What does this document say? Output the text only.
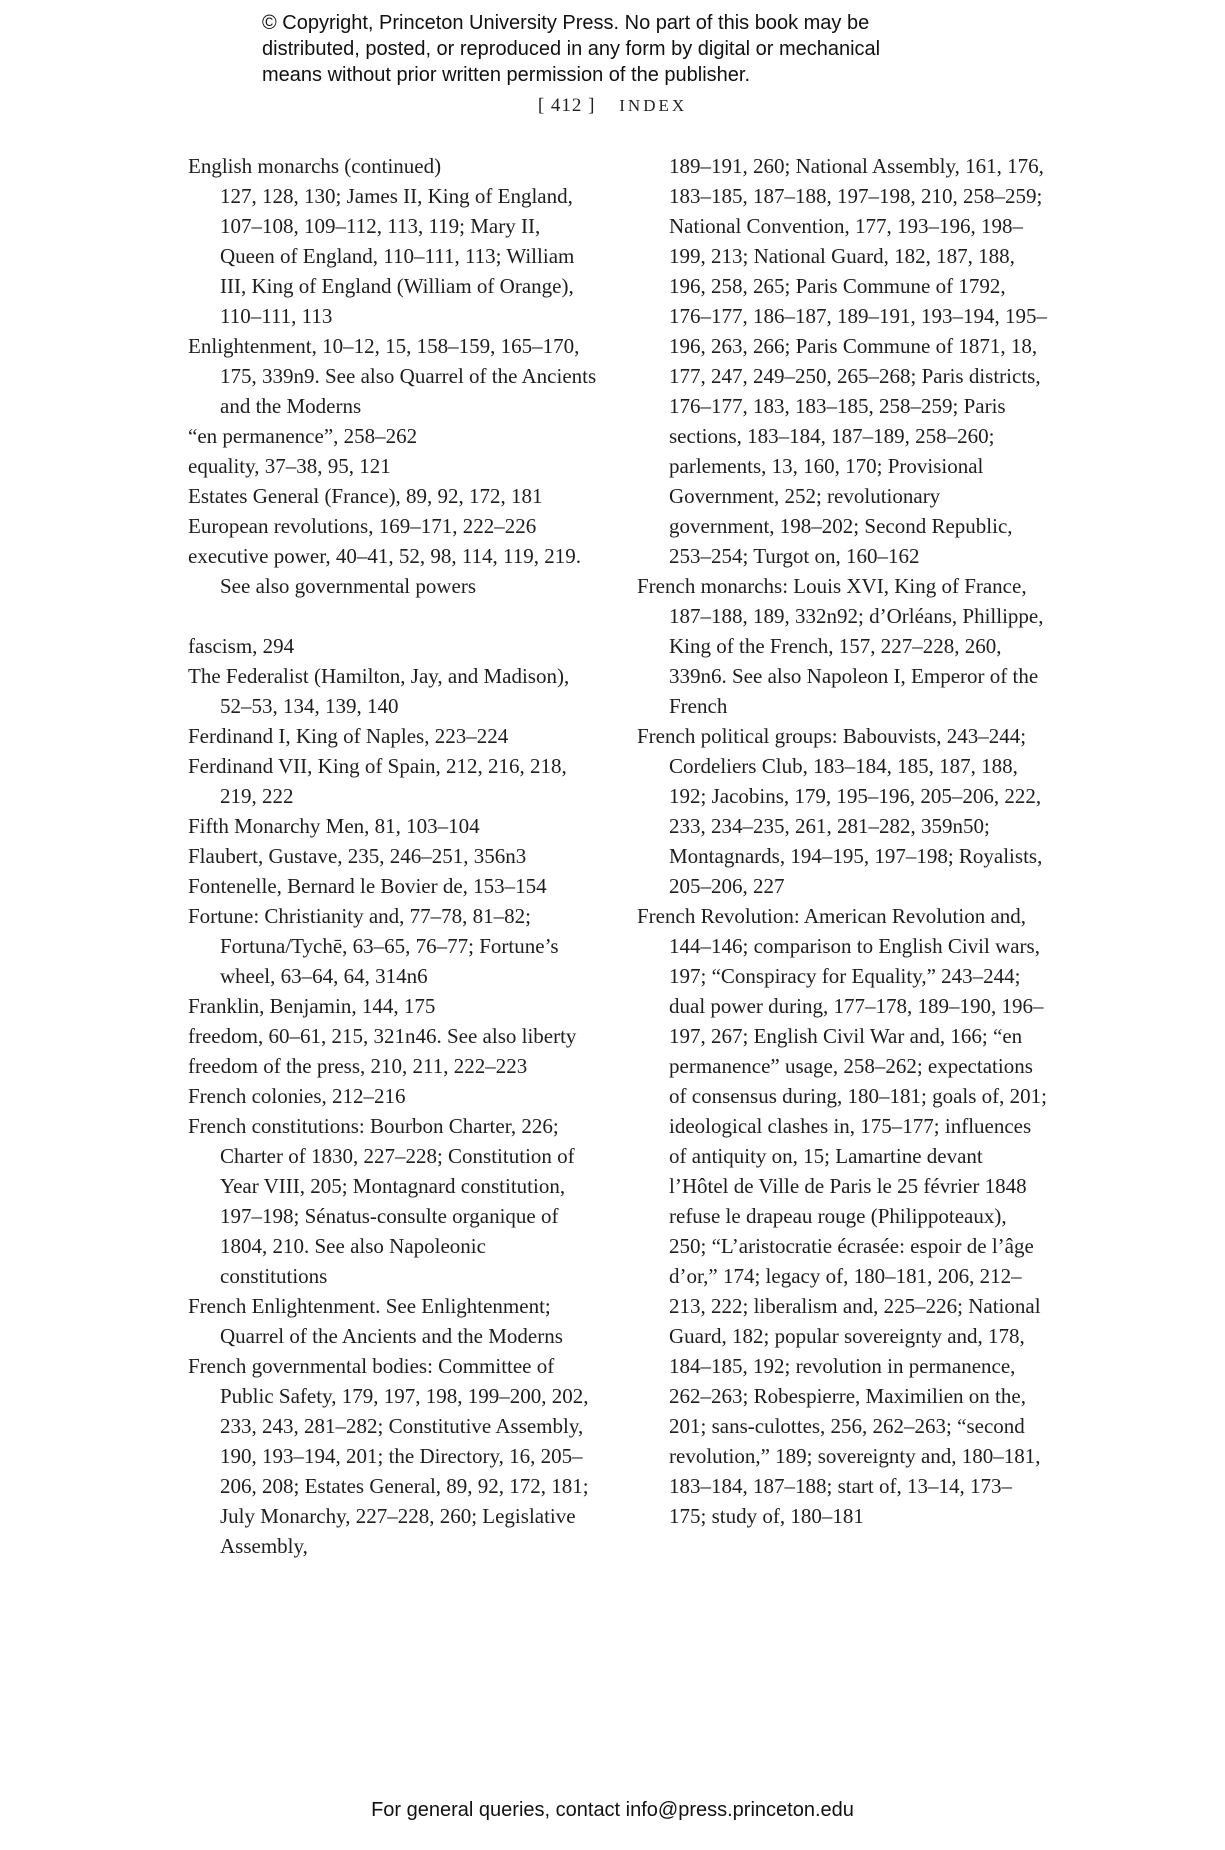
© Copyright, Princeton University Press. No part of this book may be
distributed, posted, or reproduced in any form by digital or mechanical
means without prior written permission of the publisher.
[ 412 ] INDEX

English monarchs (continued)

127, 128, 130; James II, King of England, 107–108, 109–112, 113, 119; Mary II, Queen of England, 110–111, 113; William III, King of England (William of Orange), 110–111, 113

Enlightenment, 10–12, 15, 158–159, 165–170, 175, 339n9. See also Quarrel of the Ancients and the Moderns

“en permanence”, 258–262

equality, 37–38, 95, 121

Estates General (France), 89, 92, 172, 181

European revolutions, 169–171, 222–226

executive power, 40–41, 52, 98, 114, 119, 219. See also governmental powers

fascism, 294

The Federalist (Hamilton, Jay, and Madison), 52–53, 134, 139, 140

Ferdinand I, King of Naples, 223–224

Ferdinand VII, King of Spain, 212, 216, 218, 219, 222

Fifth Monarchy Men, 81, 103–104

Flaubert, Gustave, 235, 246–251, 356n3

Fontenelle, Bernard le Bovier de, 153–154

Fortune: Christianity and, 77–78, 81–82; Fortuna/Tychē, 63–65, 76–77; Fortune’s wheel, 63–64, 64, 314n6

Franklin, Benjamin, 144, 175

freedom, 60–61, 215, 321n46. See also liberty

freedom of the press, 210, 211, 222–223

French colonies, 212–216

French constitutions: Bourbon Charter, 226; Charter of 1830, 227–228; Constitution of Year VIII, 205; Montagnard constitution, 197–198; Sénatus-consulte organique of 1804, 210. See also Napoleonic constitutions

French Enlightenment. See Enlightenment; Quarrel of the Ancients and the Moderns

French governmental bodies: Committee of Public Safety, 179, 197, 198, 199–200, 202, 233, 243, 281–282; Constitutive Assembly, 190, 193–194, 201; the Directory, 16, 205–206, 208; Estates General, 89, 92, 172, 181; July Monarchy, 227–228, 260; Legislative Assembly,

189–191, 260; National Assembly, 161, 176, 183–185, 187–188, 197–198, 210, 258–259; National Convention, 177, 193–196, 198–199, 213; National Guard, 182, 187, 188, 196, 258, 265; Paris Commune of 1792, 176–177, 186–187, 189–191, 193–194, 195–196, 263, 266; Paris Commune of 1871, 18, 177, 247, 249–250, 265–268; Paris districts, 176–177, 183, 183–185, 258–259; Paris sections, 183–184, 187–189, 258–260; parlements, 13, 160, 170; Provisional Government, 252; revolutionary government, 198–202; Second Republic, 253–254; Turgot on, 160–162

French monarchs: Louis XVI, King of France, 187–188, 189, 332n92; d’Orléans, Phillippe, King of the French, 157, 227–228, 260, 339n6. See also Napoleon I, Emperor of the French

French political groups: Babouvists, 243–244; Cordeliers Club, 183–184, 185, 187, 188, 192; Jacobins, 179, 195–196, 205–206, 222, 233, 234–235, 261, 281–282, 359n50; Montagnards, 194–195, 197–198; Royalists, 205–206, 227

French Revolution: American Revolution and, 144–146; comparison to English Civil wars, 197; “Conspiracy for Equality,” 243–244; dual power during, 177–178, 189–190, 196–197, 267; English Civil War and, 166; “en permanence” usage, 258–262; expectations of consensus during, 180–181; goals of, 201; ideological clashes in, 175–177; influences of antiquity on, 15; Lamartine devant l’Hôtel de Ville de Paris le 25 février 1848 refuse le drapeau rouge (Philippoteaux), 250; “L’aristocratie écrasée: espoir de l’âge d’or,” 174; legacy of, 180–181, 206, 212–213, 222; liberalism and, 225–226; National Guard, 182; popular sovereignty and, 178, 184–185, 192; revolution in permanence, 262–263; Robespierre, Maximilien on the, 201; sans-culottes, 256, 262–263; “second revolution,” 189; sovereignty and, 180–181, 183–184, 187–188; start of, 13–14, 173–175; study of, 180–181

For general queries, contact info@press.princeton.edu
